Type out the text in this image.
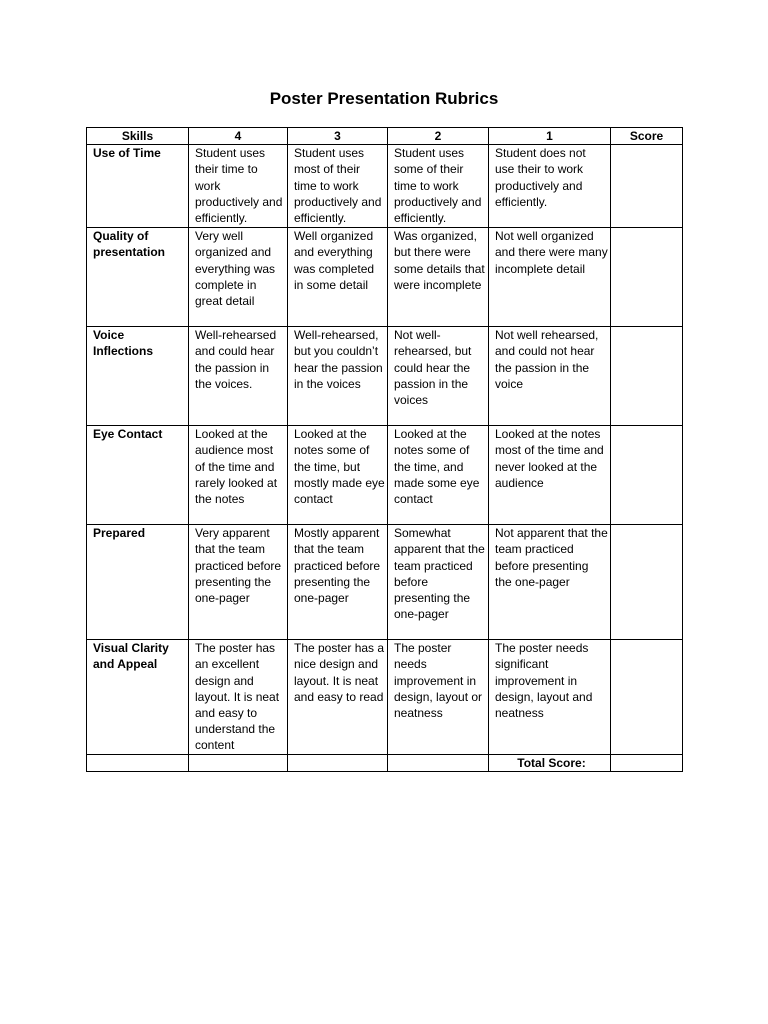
Poster Presentation Rubrics
Skills	4	3	2	1	Score
Use of Time	Student uses their time to work productively and efficiently.	Student uses most of their time to work productively and efficiently.	Student uses some of their time to work productively and efficiently.	Student does not use their to work productively and efficiently.	
Quality of presentation	Very well organized and everything was complete in great detail	Well organized and everything was completed in some detail	Was organized, but there were some details that were incomplete	Not well organized and there were many incomplete detail	
Voice Inflections	Well-rehearsed and could hear the passion in the voices.	Well-rehearsed, but you couldn’t hear the passion in the voices	Not well-rehearsed, but could hear the passion in the voices	Not well rehearsed, and could not hear the passion in the voice	
Eye Contact	Looked at the audience most of the time and rarely looked at the notes	Looked at the notes some of the time, but mostly made eye contact	Looked at the notes some of the time, and made some eye contact	Looked at the notes most of the time and never looked at the audience	
Prepared	Very apparent that the team practiced before presenting the one-pager	Mostly apparent that the team practiced before presenting the one-pager	Somewhat apparent that the team practiced before presenting the one-pager	Not apparent that the team practiced before presenting the one-pager	
Visual Clarity and Appeal	The poster has an excellent design and layout. It is neat and easy to understand the content	The poster has a nice design and layout. It is neat and easy to read	The poster needs improvement in design, layout or neatness	The poster needs significant improvement in design, layout and neatness	
				Total Score:	
